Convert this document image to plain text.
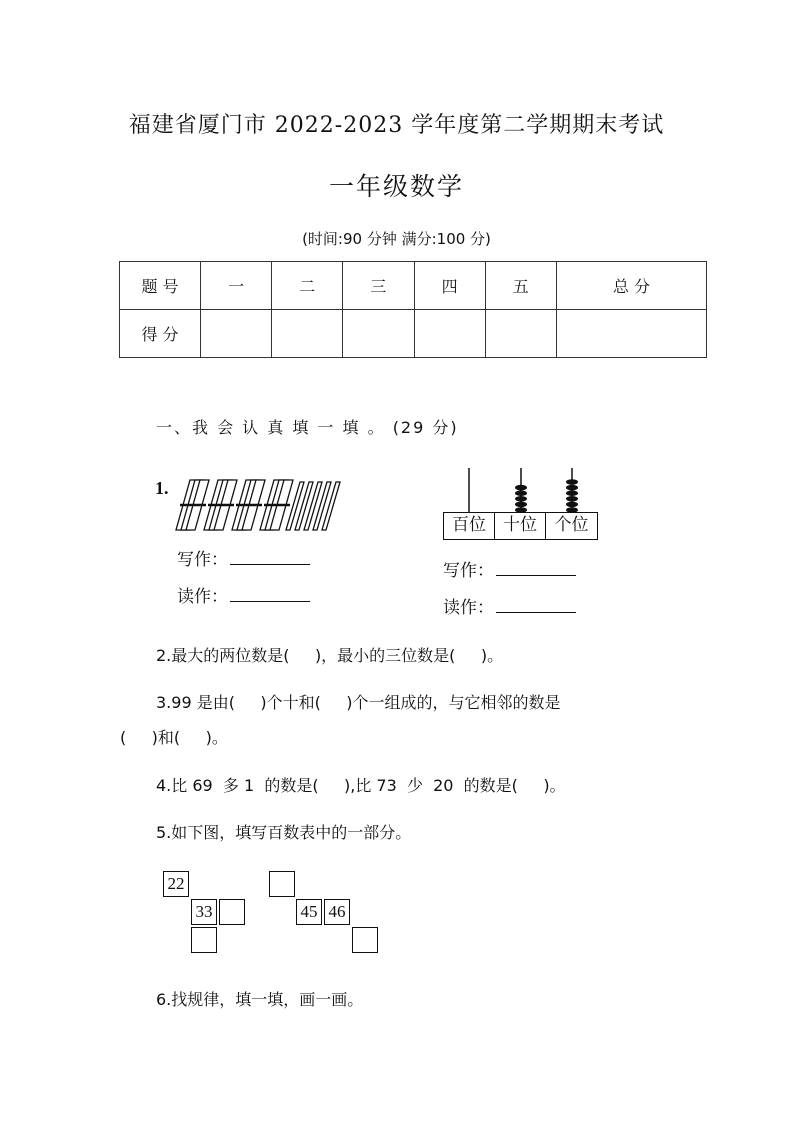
福建省厦门市 2022-2023 学年度第二学期期末考试
一年级数学
(时间:90 分钟 满分:100 分)
题 号	一	二	三	四	五	总 分
得 分						
一、我 会 认 真 填 一 填 。 (29 分)
1.
写作：
读作：
百位	十位	个位
写作：
读作：
2.最大的两位数是(     )，最小的三位数是(     )。
3.99 是由(     )个十和(     )个一组成的，与它相邻的数是
(     )和(     )。
4.比 69  多 1  的数是(     ),比 73  少  20  的数是(     )。
5.如下图，填写百数表中的一部分。
22
33	45 46
6.找规律，填一填，画一画。
